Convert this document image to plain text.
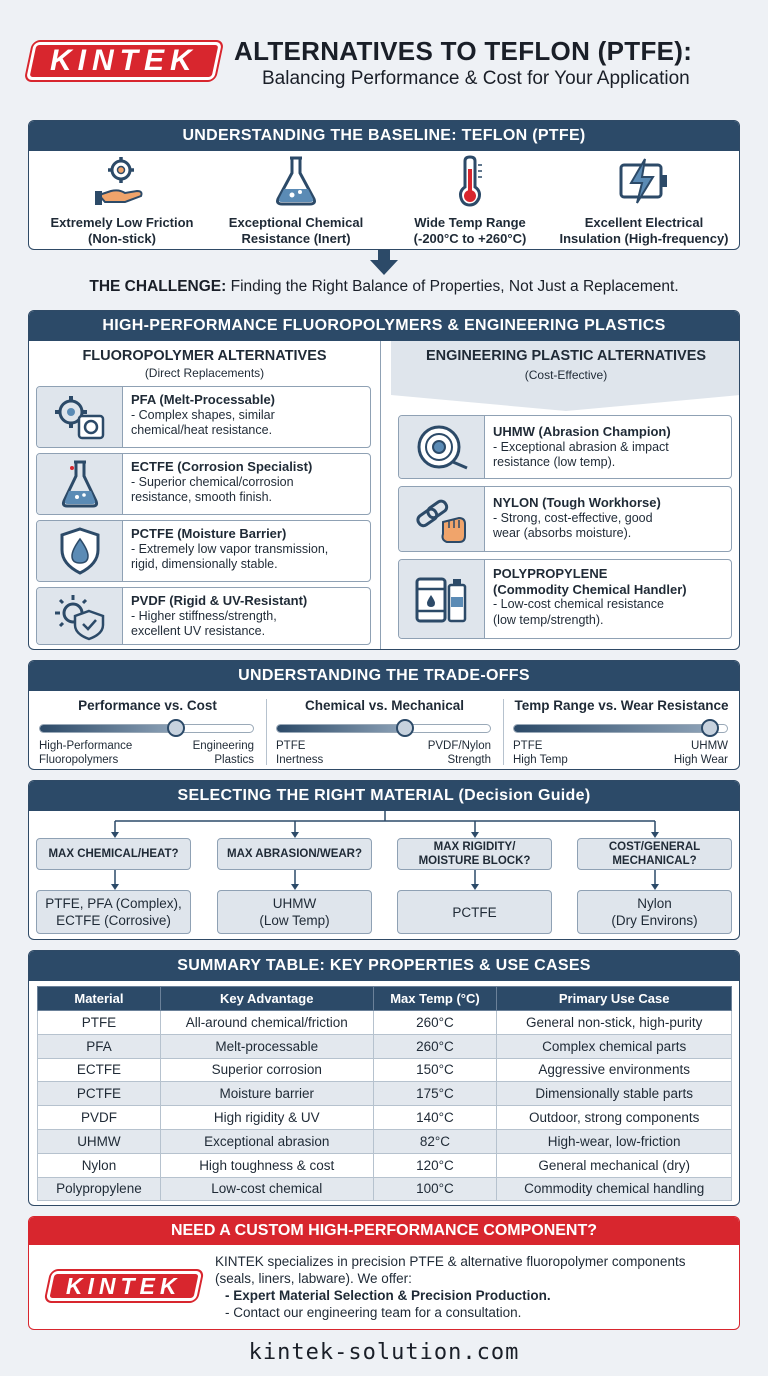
KINTEK ALTERNATIVES TO TEFLON (PTFE):
Balancing Performance & Cost for Your Application
UNDERSTANDING THE BASELINE: TEFLON (PTFE)
Extremely Low Friction
(Non-stick)
Exceptional Chemical
Resistance (Inert)
Wide Temp Range
(-200°C to +260°C)
Excellent Electrical
Insulation (High-frequency)
THE CHALLENGE: Finding the Right Balance of Properties, Not Just a Replacement.
HIGH-PERFORMANCE FLUOROPOLYMERS & ENGINEERING PLASTICS
FLUOROPOLYMER ALTERNATIVES
(Direct Replacements)
ENGINEERING PLASTIC ALTERNATIVES
(Cost-Effective)
PFA (Melt-Processable)
- Complex shapes, similar
chemical/heat resistance.
ECTFE (Corrosion Specialist)
- Superior chemical/corrosion
resistance, smooth finish.
PCTFE (Moisture Barrier)
- Extremely low vapor transmission,
rigid, dimensionally stable.
PVDF (Rigid & UV-Resistant)
- Higher stiffness/strength,
excellent UV resistance.
UHMW (Abrasion Champion)
- Exceptional abrasion & impact
resistance (low temp).
NYLON (Tough Workhorse)
- Strong, cost-effective, good
wear (absorbs moisture).
POLYPROPYLENE
(Commodity Chemical Handler)
- Low-cost chemical resistance
(low temp/strength).
UNDERSTANDING THE TRADE-OFFS
Performance vs. Cost
High-Performance
Fluoropolymers
Engineering
Plastics
Chemical vs. Mechanical
PTFE
Inertness
PVDF/Nylon
Strength
Temp Range vs. Wear Resistance
PTFE
High Temp
UHMW
High Wear
SELECTING THE RIGHT MATERIAL (Decision Guide)
MAX CHEMICAL/HEAT?	MAX ABRASION/WEAR?
MAX RIGIDITY/
MOISTURE BLOCK?
COST/GENERAL
MECHANICAL?
PTFE, PFA (Complex),
ECTFE (Corrosive)
UHMW
(Low Temp)
PCTFE
Nylon
(Dry Environs)
SUMMARY TABLE: KEY PROPERTIES & USE CASES
Material	Key Advantage	Max Temp (°C)	Primary Use Case
PTFE	All-around chemical/friction	260°C	General non-stick, high-purity
PFA	Melt-processable	260°C	Complex chemical parts
ECTFE	Superior corrosion	150°C	Aggressive environments
PCTFE	Moisture barrier	175°C	Dimensionally stable parts
PVDF	High rigidity & UV	140°C	Outdoor, strong components
UHMW	Exceptional abrasion	82°C	High-wear, low-friction
Nylon	High toughness & cost	120°C	General mechanical (dry)
Polypropylene	Low-cost chemical	100°C	Commodity chemical handling
NEED A CUSTOM HIGH-PERFORMANCE COMPONENT?
KINTEK
KINTEK specializes in precision PTFE & alternative fluoropolymer components
(seals, liners, labware). We offer:
- Expert Material Selection & Precision Production.
- Contact our engineering team for a consultation.
kintek-solution.com
